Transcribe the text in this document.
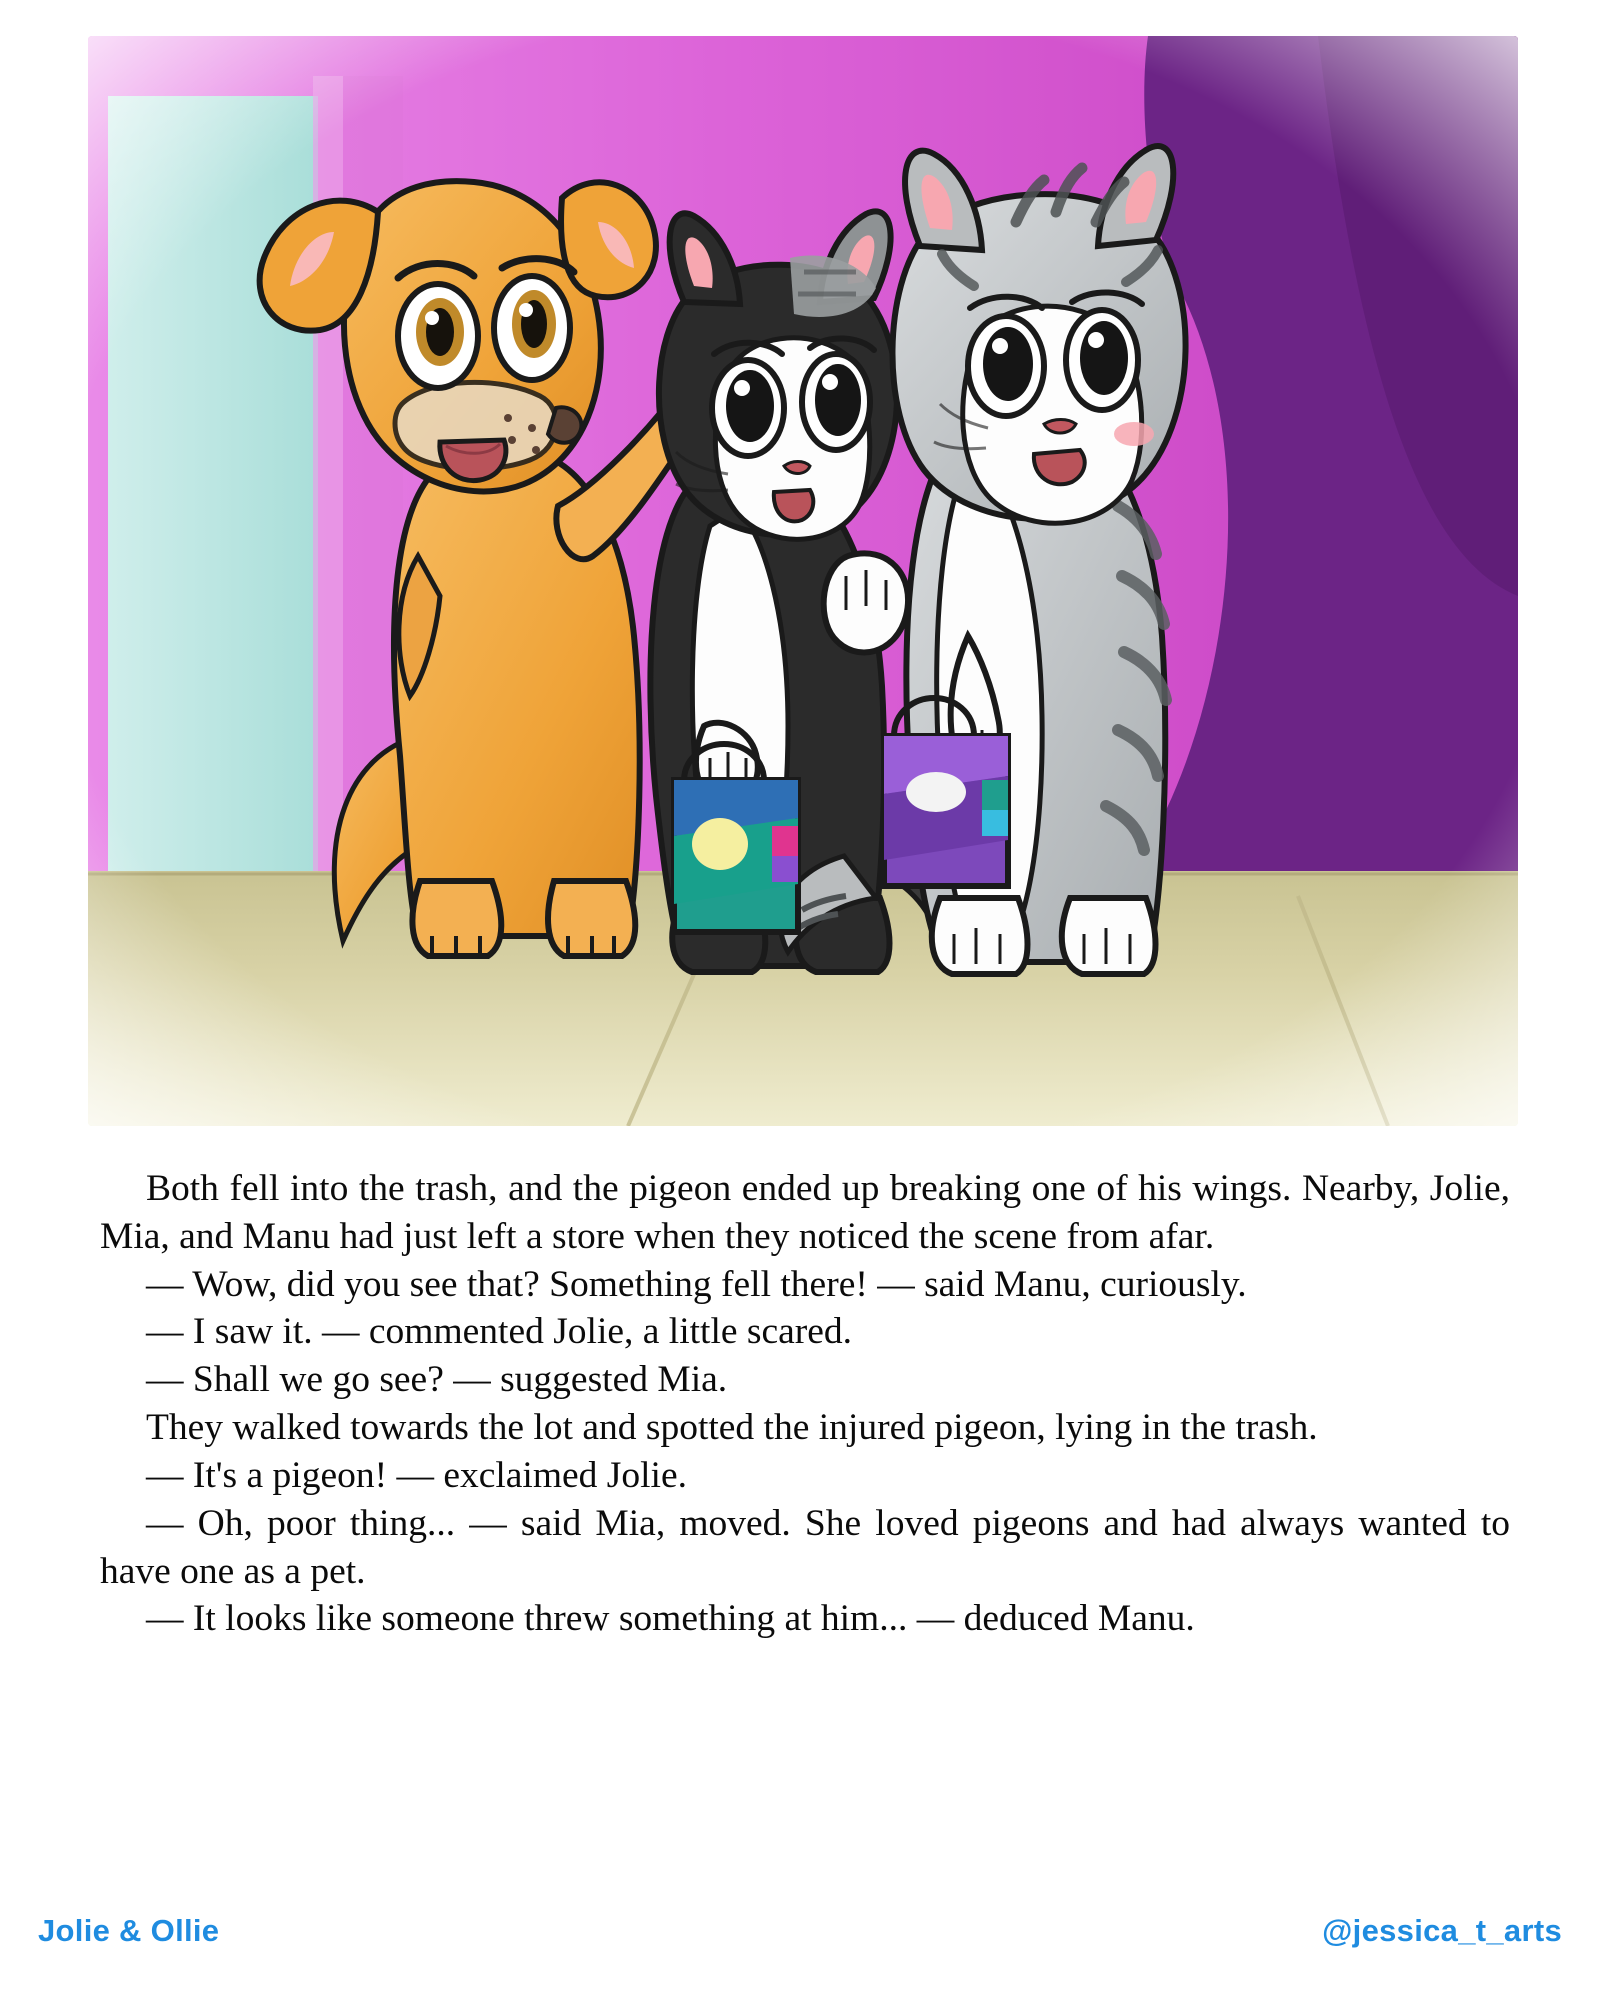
Both fell into the trash, and the pigeon ended up breaking one of his wings. Nearby, Jolie, Mia, and Manu had just left a store when they noticed the scene from afar.

— Wow, did you see that? Something fell there! — said Manu, curiously.

— I saw it. — commented Jolie, a little scared.

— Shall we go see? — suggested Mia.

They walked towards the lot and spotted the injured pigeon, lying in the trash.

— It's a pigeon! — exclaimed Jolie.

— Oh, poor thing... — said Mia, moved. She loved pigeons and had always wanted to have one as a pet.

— It looks like someone threw something at him... — deduced Manu.

Jolie & Ollie	@jessica_t_arts
